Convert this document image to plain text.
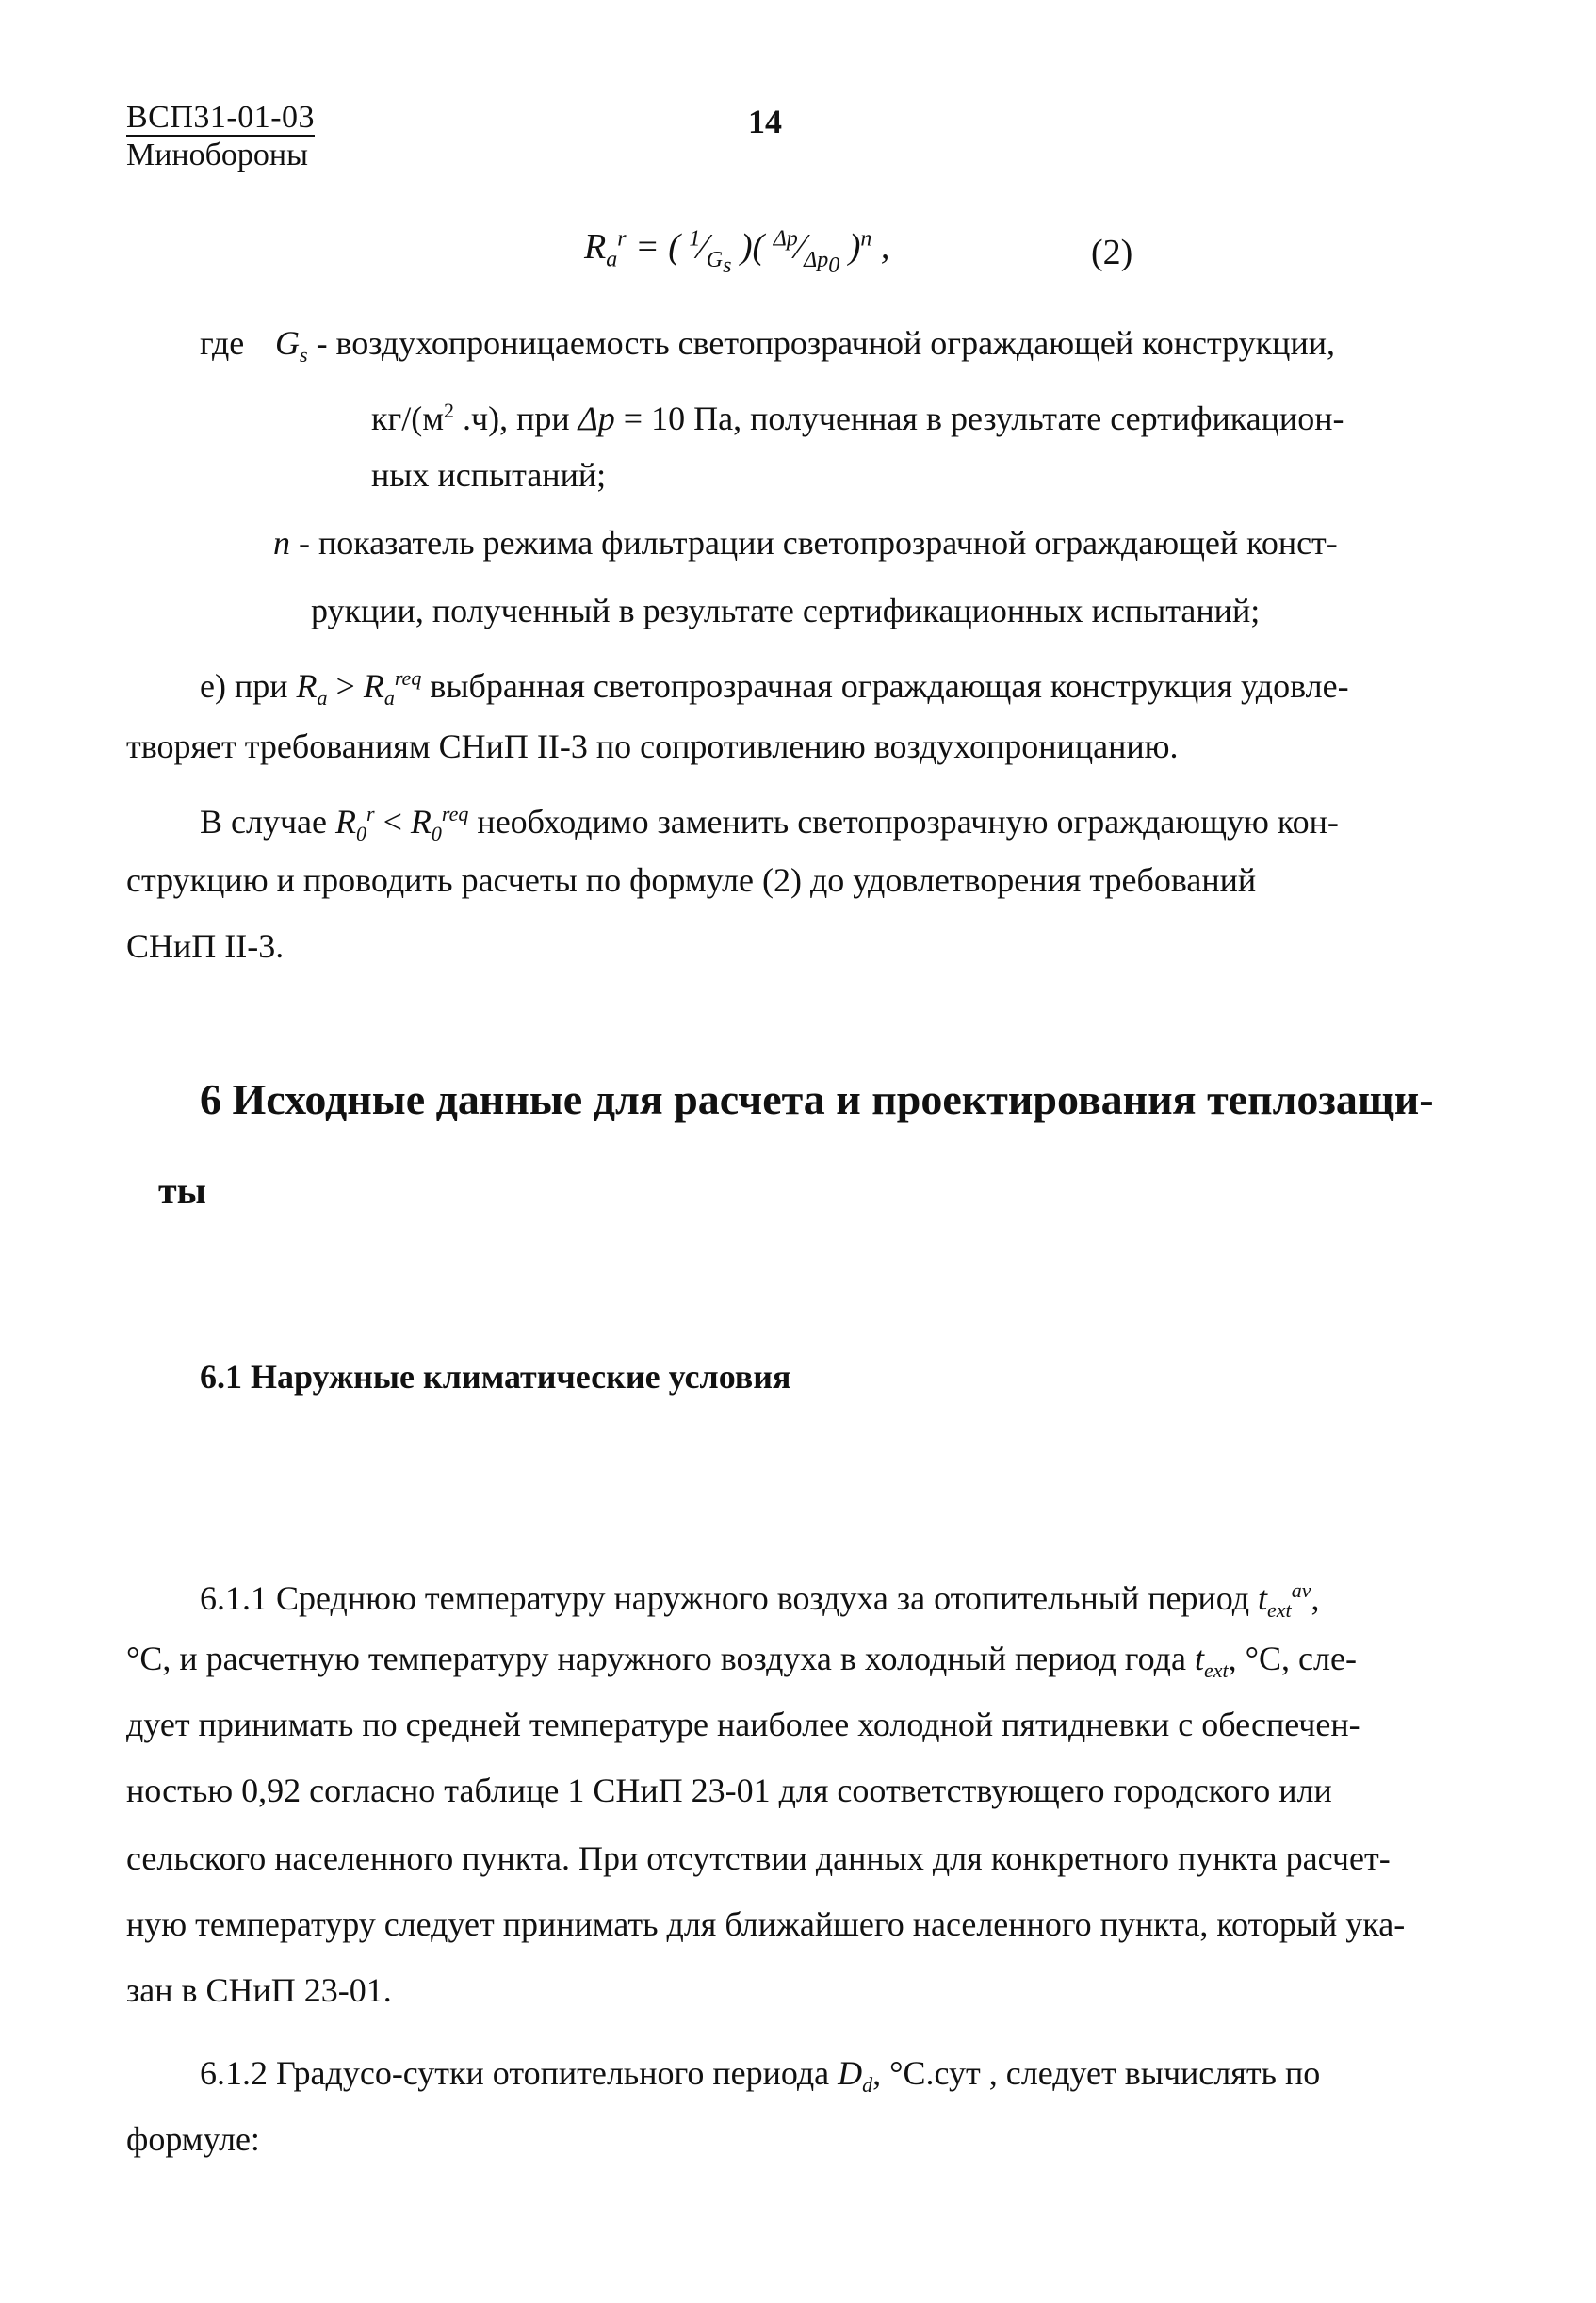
ВСП31-01-03
Минобороны
14
$R_a^r$ = ( $^1⁄_{G_s}$ )( $^{\Delta p}⁄_{\Delta p_0}$ )$^n$ ,	(2)
где $G_s$ - воздухопроницаемость светопрозрачной ограждающей конструкции,
$кг/(м^2$ .ч), при Δp = 10 Па, полученная в результате сертификацион-
ных испытаний;
n - показатель режима фильтрации светопрозрачной ограждающей конст-
рукции, полученный в результате сертификационных испытаний;
е) при $R_a > R_a^{req}$ выбранная светопрозрачная ограждающая конструкция удовле-
творяет требованиям СНиП II-3 по сопротивлению воздухопроницанию.
В случае $R_0^r < R_0^{req}$ необходимо заменить светопрозрачную ограждающую кон-
струкцию и проводить расчеты по формуле (2) до удовлетворения требований
СНиП II-3.
6 Исходные данные для расчета и проектирования теплозащи-
ты
6.1 Наружные климатические условия
6.1.1 Среднюю температуру наружного воздуха за отопительный период $t_{ext}^{av}$,
°С, и расчетную температуру наружного воздуха в холодный период года $t_{ext}$, °С, сле-
дует принимать по средней температуре наиболее холодной пятидневки с обеспечен-
ностью 0,92 согласно таблице 1 СНиП 23-01 для соответствующего городского или
сельского населенного пункта. При отсутствии данных для конкретного пункта расчет-
ную температуру следует принимать для ближайшего населенного пункта, который ука-
зан в СНиП 23-01.
6.1.2 Градусо-сутки отопительного периода $D_d$, °С.сут , следует вычислять по
формуле:
